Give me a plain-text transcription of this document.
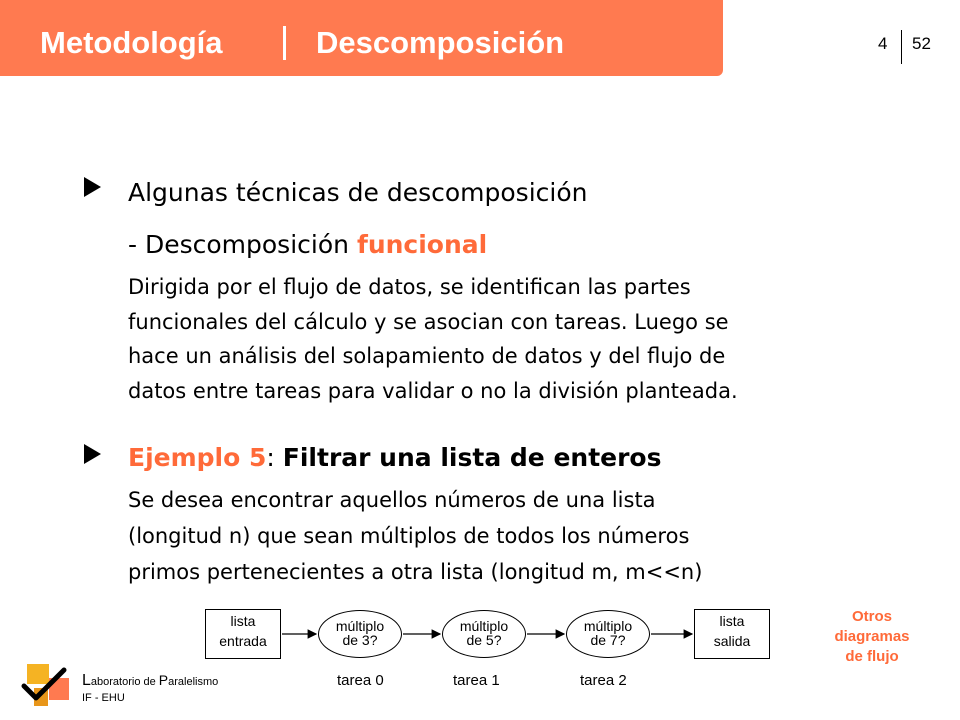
Metodología	Descomposición	4 52
Algunas técnicas de descomposición
- Descomposición funcional
Dirigida por el flujo de datos, se identifican las partes
funcionales del cálculo y se asocian con tareas. Luego se
hace un análisis del solapamiento de datos y del flujo de
datos entre tareas para validar o no la división planteada.
Ejemplo 5: Filtrar una lista de enteros
Se desea encontrar aquellos números de una lista
(longitud n) que sean múltiplos de todos los números
primos pertenecientes a otra lista (longitud m, m<<n)
lista
entrada
múltiplo
de 3?
múltiplo
de 5?
múltiplo
de 7?
lista
salida
tarea 0	tarea 1	tarea 2
Otros
diagramas
de flujo
Laboratorio de Paralelismo
IF - EHU
